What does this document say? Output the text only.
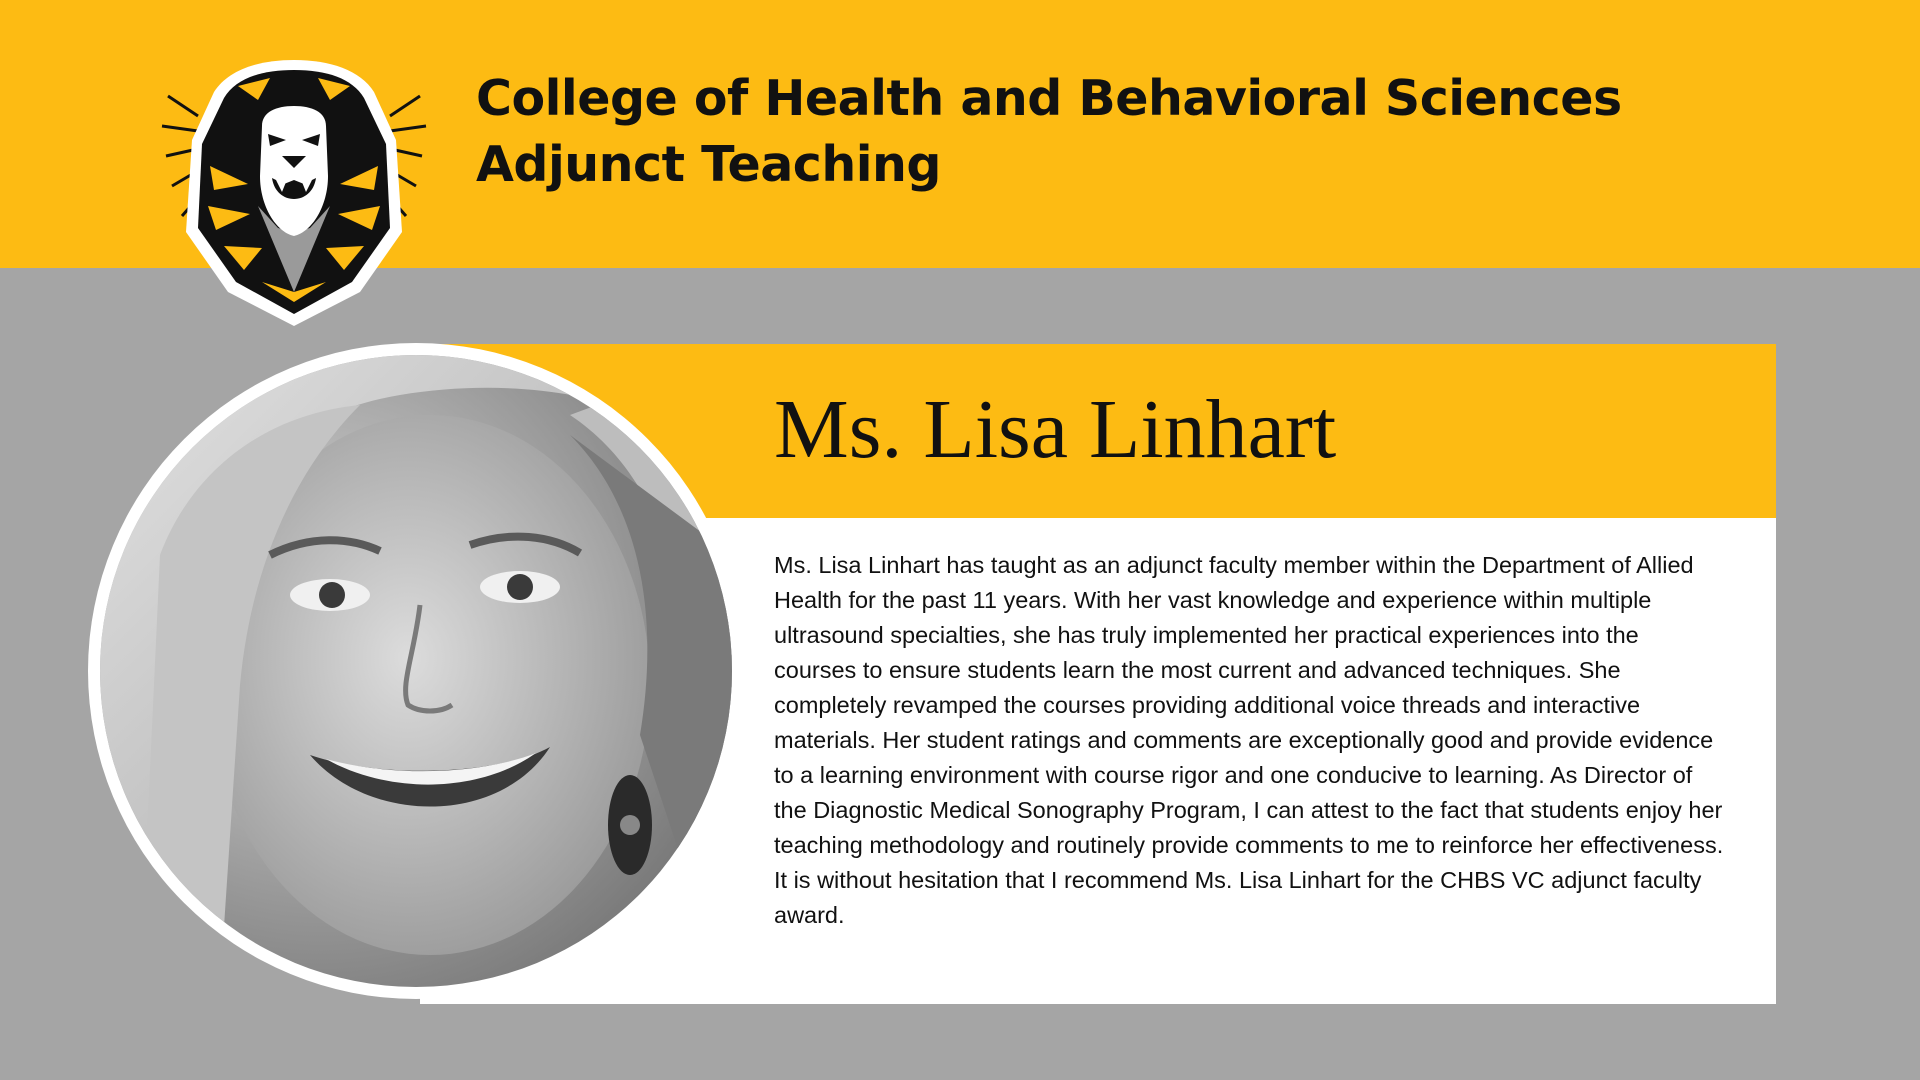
College of Health and Behavioral Sciences Adjunct Teaching
Ms. Lisa Linhart

Ms. Lisa Linhart has taught as an adjunct faculty member within the Department of Allied Health for the past 11 years. With her vast knowledge and experience within multiple ultrasound specialties, she has truly implemented her practical experiences into the courses to ensure students learn the most current and advanced techniques. She completely revamped the courses providing additional voice threads and interactive materials. Her student ratings and comments are exceptionally good and provide evidence to a learning environment with course rigor and one conducive to learning. As Director of the Diagnostic Medical Sonography Program, I can attest to the fact that students enjoy her teaching methodology and routinely provide comments to me to reinforce her effectiveness. It is without hesitation that I recommend Ms. Lisa Linhart for the CHBS VC adjunct faculty award.
